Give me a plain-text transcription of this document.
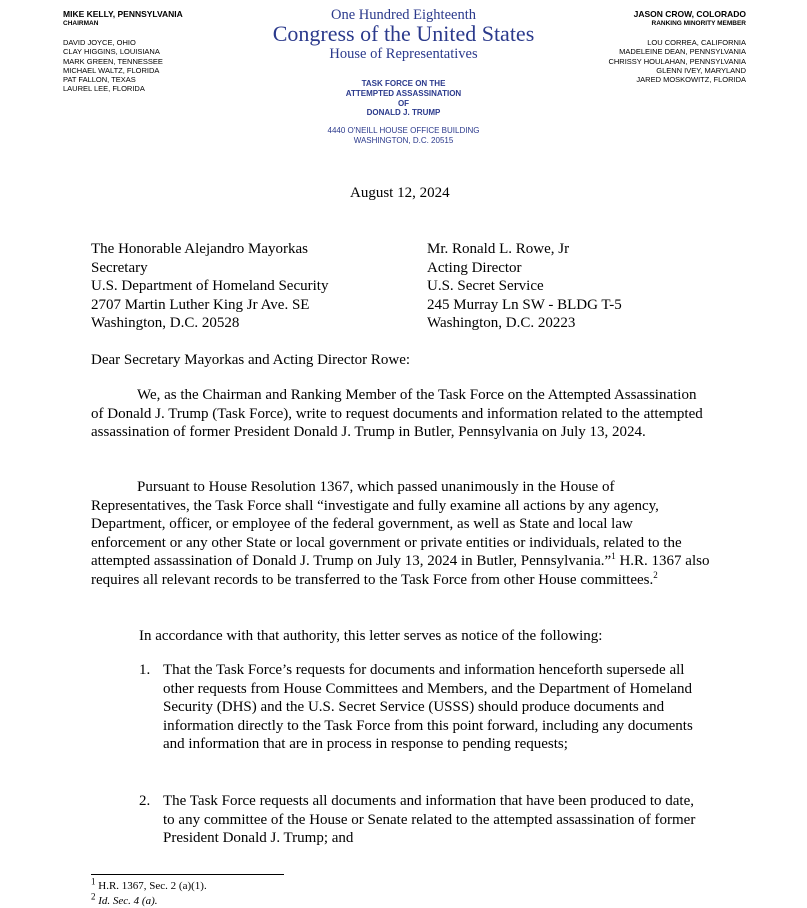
MIKE KELLY, PENNSYLVANIA
CHAIRMAN
DAVID JOYCE, OHIO
CLAY HIGGINS, LOUISIANA
MARK GREEN, TENNESSEE
MICHAEL WALTZ, FLORIDA
PAT FALLON, TEXAS
LAUREL LEE, FLORIDA
JASON CROW, COLORADO
RANKING MINORITY MEMBER
LOU CORREA, CALIFORNIA
MADELEINE DEAN, PENNSYLVANIA
CHRISSY HOULAHAN, PENNSYLVANIA
GLENN IVEY, MARYLAND
JARED MOSKOWITZ, FLORIDA
One Hundred Eighteenth
Congress of the United States
House of Representatives
TASK FORCE ON THE
ATTEMPTED ASSASSINATION
OF
DONALD J. TRUMP
4440 O'NEILL HOUSE OFFICE BUILDING
WASHINGTON, D.C. 20515
August 12, 2024
The Honorable Alejandro Mayorkas
Secretary
U.S. Department of Homeland Security
2707 Martin Luther King Jr Ave. SE
Washington, D.C. 20528
Mr. Ronald L. Rowe, Jr
Acting Director
U.S. Secret Service
245 Murray Ln SW - BLDG T-5
Washington, D.C. 20223
Dear Secretary Mayorkas and Acting Director Rowe:
We, as the Chairman and Ranking Member of the Task Force on the Attempted Assassination of Donald J. Trump (Task Force), write to request documents and information related to the attempted assassination of former President Donald J. Trump in Butler, Pennsylvania on July 13, 2024.
Pursuant to House Resolution 1367, which passed unanimously in the House of Representatives, the Task Force shall “investigate and fully examine all actions by any agency, Department, officer, or employee of the federal government, as well as State and local law enforcement or any other State or local government or private entities or individuals, related to the attempted assassination of Donald J. Trump on July 13, 2024 in Butler, Pennsylvania.”$^1$ H.R. 1367 also requires all relevant records to be transferred to the Task Force from other House committees.$^2$
In accordance with that authority, this letter serves as notice of the following:
1. That the Task Force’s requests for documents and information henceforth supersede all other requests from House Committees and Members, and the Department of Homeland Security (DHS) and the U.S. Secret Service (USSS) should produce documents and information directly to the Task Force from this point forward, including any documents and information that are in process in response to pending requests;
2. The Task Force requests all documents and information that have been produced to date, to any committee of the House or Senate related to the attempted assassination of former President Donald J. Trump; and
$^1$ H.R. 1367, Sec. 2 (a)(1).
$^2$ Id. Sec. 4 (a).
